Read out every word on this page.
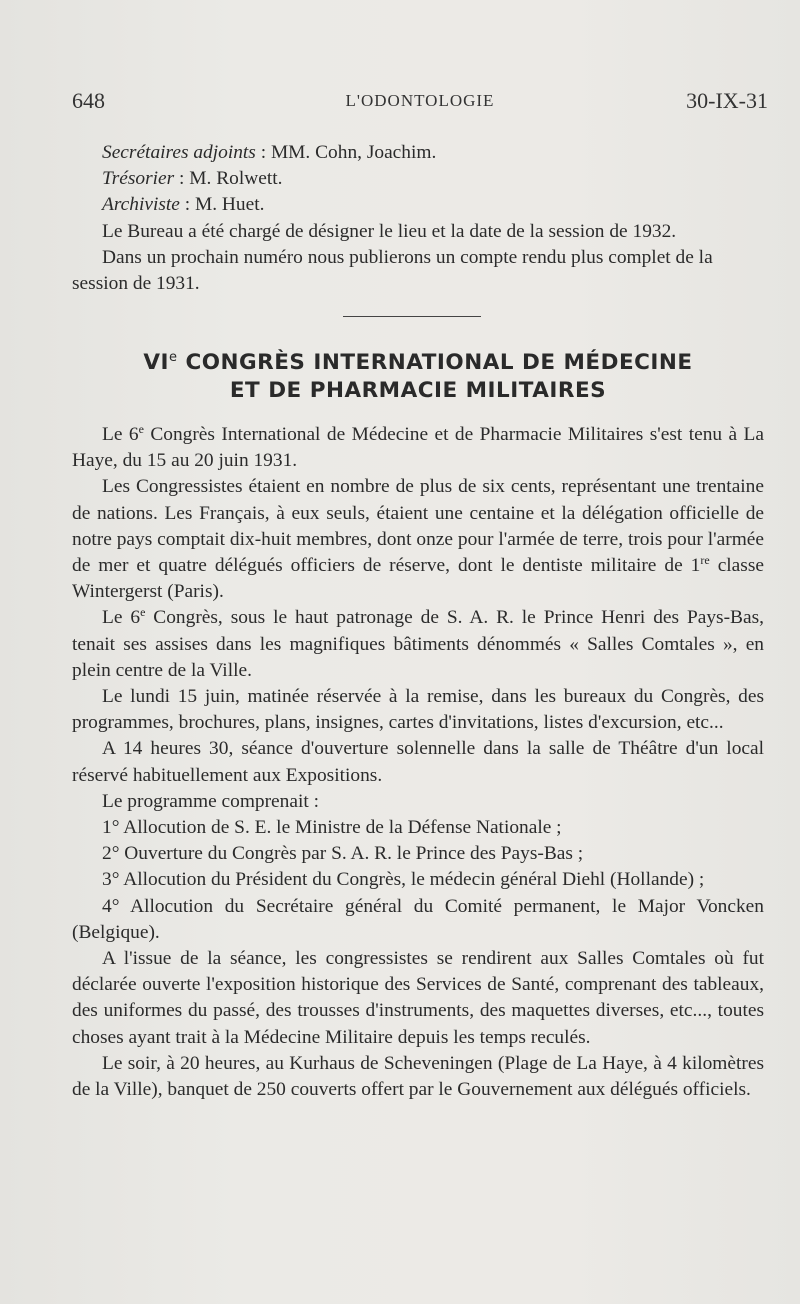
648	L'ODONTOLOGIE	30-IX-31

Secrétaires adjoints : MM. Cohn, Joachim.

Trésorier : M. Rolwett.

Archiviste : M. Huet.

Le Bureau a été chargé de désigner le lieu et la date de la session de 1932.

Dans un prochain numéro nous publierons un compte rendu plus complet de la session de 1931.

VIe CONGRÈS INTERNATIONAL DE MÉDECINE
ET DE PHARMACIE MILITAIRES

Le 6e Congrès International de Médecine et de Pharmacie Militaires s'est tenu à La Haye, du 15 au 20 juin 1931.

Les Congressistes étaient en nombre de plus de six cents, représentant une trentaine de nations. Les Français, à eux seuls, étaient une centaine et la délégation officielle de notre pays comptait dix-huit membres, dont onze pour l'armée de terre, trois pour l'armée de mer et quatre délégués officiers de réserve, dont le dentiste militaire de 1re classe Wintergerst (Paris).

Le 6e Congrès, sous le haut patronage de S. A. R. le Prince Henri des Pays-Bas, tenait ses assises dans les magnifiques bâtiments dénommés « Salles Comtales », en plein centre de la Ville.

Le lundi 15 juin, matinée réservée à la remise, dans les bureaux du Congrès, des programmes, brochures, plans, insignes, cartes d'invitations, listes d'excursion, etc...

A 14 heures 30, séance d'ouverture solennelle dans la salle de Théâtre d'un local réservé habituellement aux Expositions.

Le programme comprenait :

1° Allocution de S. E. le Ministre de la Défense Nationale ;

2° Ouverture du Congrès par S. A. R. le Prince des Pays-Bas ;

3° Allocution du Président du Congrès, le médecin général Diehl (Hollande) ;

4° Allocution du Secrétaire général du Comité permanent, le Major Voncken (Belgique).

A l'issue de la séance, les congressistes se rendirent aux Salles Comtales où fut déclarée ouverte l'exposition historique des Services de Santé, comprenant des tableaux, des uniformes du passé, des trousses d'instruments, des maquettes diverses, etc..., toutes choses ayant trait à la Médecine Militaire depuis les temps reculés.

Le soir, à 20 heures, au Kurhaus de Scheveningen (Plage de La Haye, à 4 kilomètres de la Ville), banquet de 250 couverts offert par le Gouvernement aux délégués officiels.
